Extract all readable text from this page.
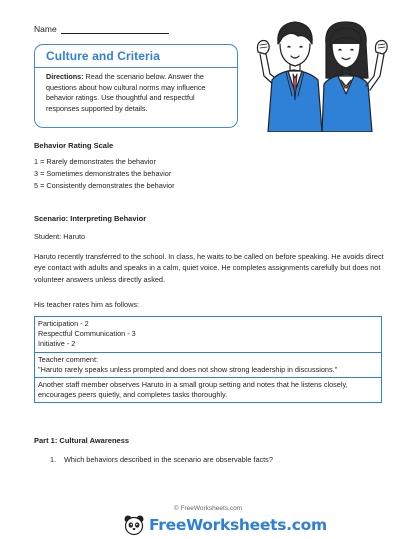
Name
Culture and Criteria
Directions: Read the scenario below. Answer the questions about how cultural norms may influence behavior ratings. Use thoughtful and respectful responses supported by details.
Behavior Rating Scale
1 = Rarely demonstrates the behavior
3 = Sometimes demonstrates the behavior
5 = Consistently demonstrates the behavior
Scenario: Interpreting Behavior
Student: Haruto
Haruto recently transferred to the school. In class, he waits to be called on before speaking. He avoids direct eye contact with adults and speaks in a calm, quiet voice. He completes assignments carefully but does not volunteer answers unless directly asked.
His teacher rates him as follows:
Participation - 2
Respectful Communication - 3
Initiative - 2
Teacher comment:
"Haruto rarely speaks unless prompted and does not show strong leadership in discussions."
Another staff member observes Haruto in a small group setting and notes that he listens closely, encourages peers quietly, and completes tasks thoroughly.
Part 1: Cultural Awareness
1.	Which behaviors described in the scenario are observable facts?
© FreeWorksheets.com
FreeWorksheets.com
